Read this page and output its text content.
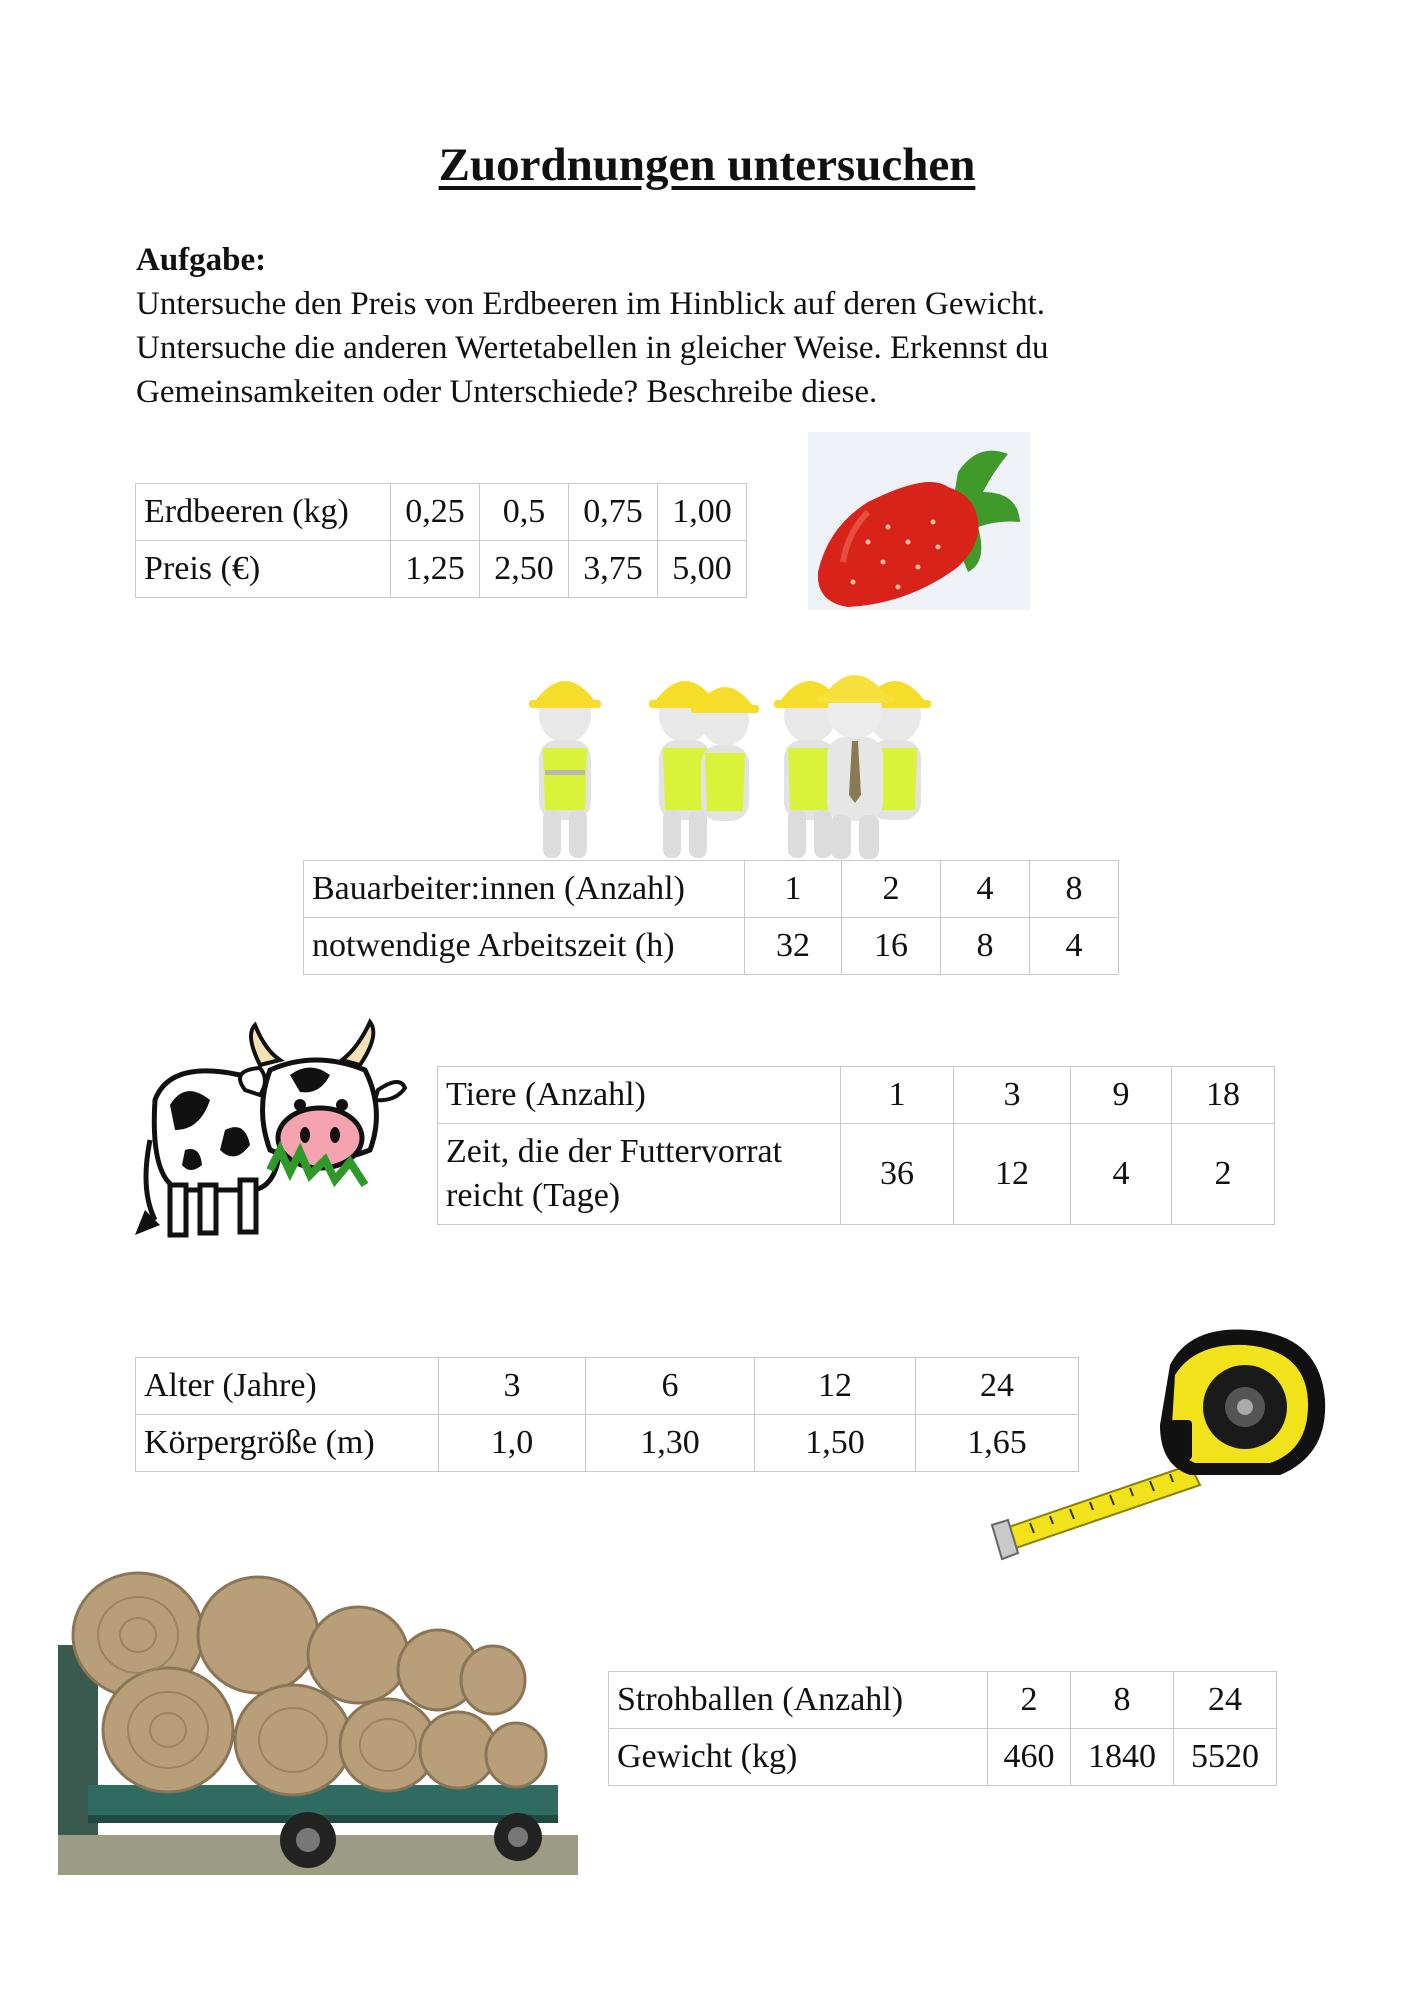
Zuordnungen untersuchen
Aufgabe:
Untersuche den Preis von Erdbeeren im Hinblick auf deren Gewicht.
Untersuche die anderen Wertetabellen in gleicher Weise. Erkennst du
Gemeinsamkeiten oder Unterschiede? Beschreibe diese.
Erdbeeren (kg)	0,25	0,5	0,75	1,00
Preis (€)	1,25	2,50	3,75	5,00
Bauarbeiter:innen (Anzahl)	1	2	4	8
notwendige Arbeitszeit (h)	32	16	8	4
Tiere (Anzahl)	1	3	9	18
Zeit, die der Futtervorrat reicht (Tage)	36	12	4	2
Alter (Jahre)	3	6	12	24
Körpergröße (m)	1,0	1,30	1,50	1,65
Strohballen (Anzahl)	2	8	24
Gewicht (kg)	460	1840	5520
